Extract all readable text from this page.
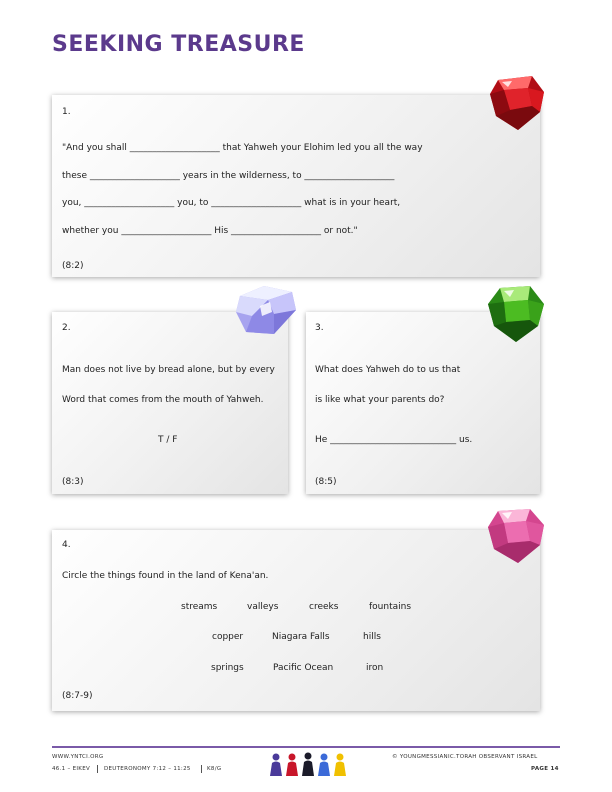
SEEKING TREASURE
1.
"And you shall ____________________ that Yahweh your Elohim led you all the way
these ____________________ years in the wilderness, to ____________________
you, ____________________ you, to ____________________ what is in your heart,
whether you ____________________ His ____________________ or not."
(8:2)
2.
Man does not live by bread alone, but by every
Word that comes from the mouth of Yahweh.
T / F
(8:3)
3.
What does Yahweh do to us that
is like what your parents do?
He ____________________________ us.
(8:5)
4.
Circle the things found in the land of Kena'an.
streams	valleys	creeks	fountains
copper	Niagara Falls	hills
springs	Pacific Ocean	iron
(8:7-9)
WWW.YNTCI.ORG
46.1 – EIKEV	DEUTERONOMY 7:12 – 11:25	K8/G
© YOUNGMESSIANIC.TORAH OBSERVANT ISRAEL
PAGE 14
